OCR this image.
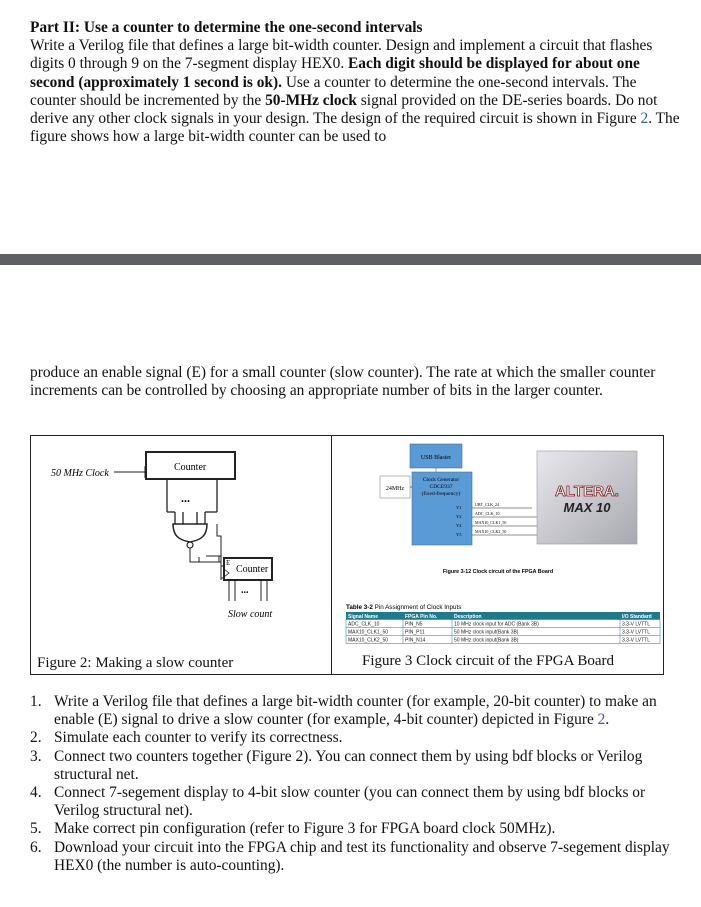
Part II: Use a counter to determine the one-second intervals
Write a Verilog file that defines a large bit-width counter. Design and implement a circuit that flashes digits 0 through 9 on the 7-segment display HEX0. Each digit should be displayed for about one second (approximately 1 second is ok). Use a counter to determine the one-second intervals. The counter should be incremented by the 50-MHz clock signal provided on the DE-series boards. Do not derive any other clock signals in your design. The design of the required circuit is shown in Figure 2. The figure shows how a large bit-width counter can be used to
produce an enable signal (E) for a small counter (slow counter). The rate at which the smaller counter increments can be controlled by choosing an appropriate number of bits in the larger counter.
50 MHz Clock
Counter
...
E
Counter
...
Slow count
Figure 2: Making a slow counter
USB Blaster
24MHz
Clock Generator
CDCE937
(fixed-frequency)
Y1
Y2
Y4
Y5
UBT_CLK_24
ADC_CLK_10
MAX10_CLK1_50
MAX10_CLK2_50
ALTERA.
MAX 10
Figure 3-12 Clock circuit of the FPGA Board
Table 3-2 Pin Assignment of Clock Inputs
Signal Name	FPGA Pin No.	Description	I/O Standard
ADC_CLK_10	PIN_N5	10 MHz clock input for ADC (Bank 3B)	3.3-V LVTTL
MAX10_CLK1_50	PIN_P11	50 MHz clock input(Bank 3B)	3.3-V LVTTL
MAX10_CLK2_50	PIN_N14	50 MHz clock input(Bank 3B)	3.3-V LVTTL
Figure 3 Clock circuit of the FPGA Board
1. Write a Verilog file that defines a large bit-width counter (for example, 20-bit counter) to make an enable (E) signal to drive a slow counter (for example, 4-bit counter) depicted in Figure 2.
2. Simulate each counter to verify its correctness.
3. Connect two counters together (Figure 2). You can connect them by using bdf blocks or Verilog structural net.
4. Connect 7-segement display to 4-bit slow counter (you can connect them by using bdf blocks or Verilog structural net).
5. Make correct pin configuration (refer to Figure 3 for FPGA board clock 50MHz).
6. Download your circuit into the FPGA chip and test its functionality and observe 7-segement display HEX0 (the number is auto-counting).
